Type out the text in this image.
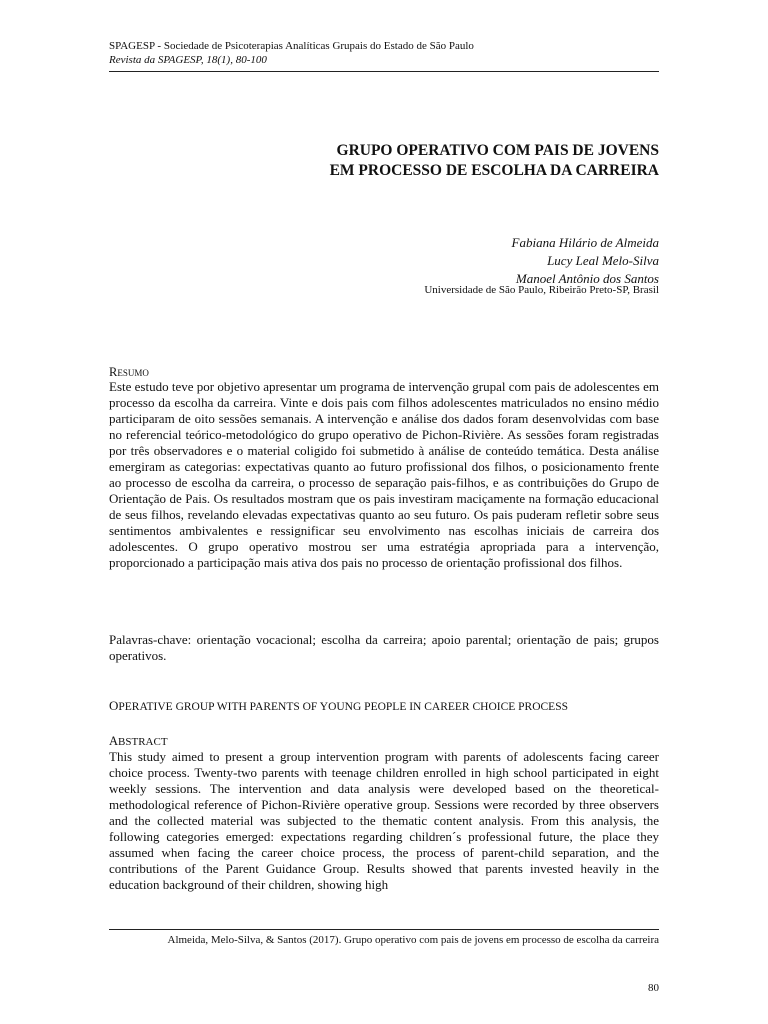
SPAGESP - Sociedade de Psicoterapias Analíticas Grupais do Estado de São Paulo
Revista da SPAGESP, 18(1), 80-100
GRUPO OPERATIVO COM PAIS DE JOVENS
EM PROCESSO DE ESCOLHA DA CARREIRA
Fabiana Hilário de Almeida
Lucy Leal Melo-Silva
Manoel Antônio dos Santos
Universidade de São Paulo, Ribeirão Preto-SP, Brasil
Resumo
Este estudo teve por objetivo apresentar um programa de intervenção grupal com pais de adolescentes em processo da escolha da carreira. Vinte e dois pais com filhos adolescentes matriculados no ensino médio participaram de oito sessões semanais. A intervenção e análise dos dados foram desenvolvidas com base no referencial teórico-metodológico do grupo operativo de Pichon-Rivière. As sessões foram registradas por três observadores e o material coligido foi submetido à análise de conteúdo temática. Desta análise emergiram as categorias: expectativas quanto ao futuro profissional dos filhos, o posicionamento frente ao processo de escolha da carreira, o processo de separação pais-filhos, e as contribuições do Grupo de Orientação de Pais. Os resultados mostram que os pais investiram maciçamente na formação educacional de seus filhos, revelando elevadas expectativas quanto ao seu futuro. Os pais puderam refletir sobre seus sentimentos ambivalentes e ressignificar seu envolvimento nas escolhas iniciais de carreira dos adolescentes. O grupo operativo mostrou ser uma estratégia apropriada para a intervenção, proporcionado a participação mais ativa dos pais no processo de orientação profissional dos filhos.
Palavras-chave: orientação vocacional; escolha da carreira; apoio parental; orientação de pais; grupos operativos.
OPERATIVE GROUP WITH PARENTS OF YOUNG PEOPLE IN CAREER CHOICE PROCESS
ABSTRACT
This study aimed to present a group intervention program with parents of adolescents facing career choice process. Twenty-two parents with teenage children enrolled in high school participated in eight weekly sessions. The intervention and data analysis were developed based on the theoretical-methodological reference of Pichon-Rivière operative group. Sessions were recorded by three observers and the collected material was subjected to the thematic content analysis. From this analysis, the following categories emerged: expectations regarding children´s professional future, the place they assumed when facing the career choice process, the process of parent-child separation, and the contributions of the Parent Guidance Group. Results showed that parents invested heavily in the education background of their children, showing high
Almeida, Melo-Silva, & Santos (2017). Grupo operativo com pais de jovens em processo de escolha da carreira
80
